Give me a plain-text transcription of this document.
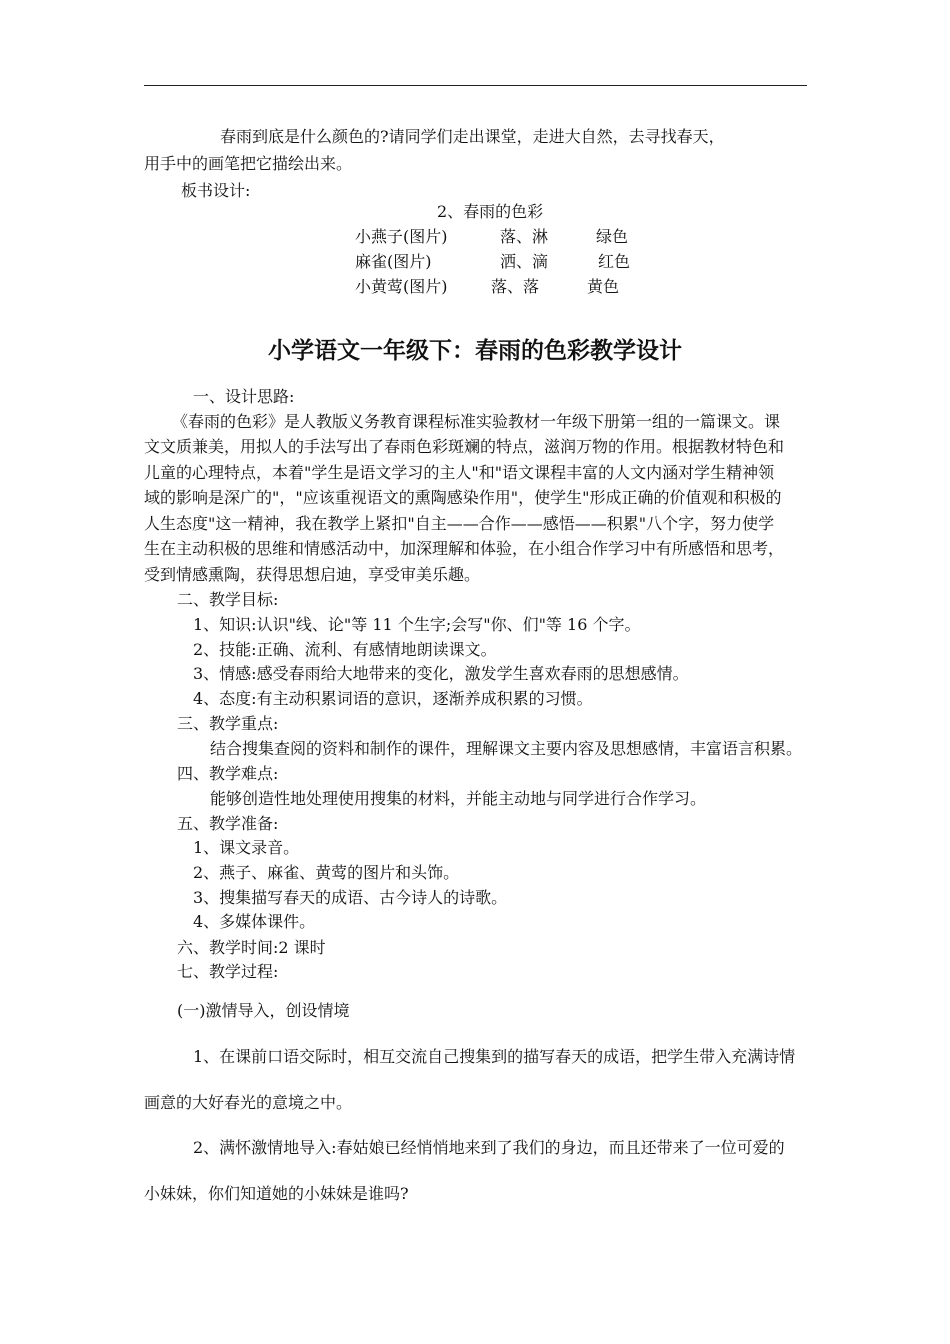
春雨到底是什么颜色的?请同学们走出课堂，走进大自然，去寻找春天，
用手中的画笔把它描绘出来。
板书设计:
2、春雨的色彩
小燕子(图片)	落、淋	绿色
麻雀(图片)	洒、滴	红色
小黄莺(图片)	落、落	黄色
小学语文一年级下：春雨的色彩教学设计
一、设计思路:
《春雨的色彩》是人教版义务教育课程标准实验教材一年级下册第一组的一篇课文。课
文文质兼美，用拟人的手法写出了春雨色彩斑斓的特点，滋润万物的作用。根据教材特色和
儿童的心理特点，本着"学生是语文学习的主人"和"语文课程丰富的人文内涵对学生精神领
域的影响是深广的"，"应该重视语文的熏陶感染作用"，使学生"形成正确的价值观和积极的
人生态度"这一精神，我在教学上紧扣"自主——合作——感悟——积累"八个字，努力使学
生在主动积极的思维和情感活动中，加深理解和体验，在小组合作学习中有所感悟和思考，
受到情感熏陶，获得思想启迪，享受审美乐趣。
二、教学目标:
1、知识:认识"线、论"等 11 个生字;会写"你、们"等 16 个字。
2、技能:正确、流利、有感情地朗读课文。
3、情感:感受春雨给大地带来的变化，激发学生喜欢春雨的思想感情。
4、态度:有主动积累词语的意识，逐渐养成积累的习惯。
三、教学重点:
结合搜集查阅的资料和制作的课件，理解课文主要内容及思想感情，丰富语言积累。
四、教学难点:
能够创造性地处理使用搜集的材料，并能主动地与同学进行合作学习。
五、教学准备:
1、课文录音。
2、燕子、麻雀、黄莺的图片和头饰。
3、搜集描写春天的成语、古今诗人的诗歌。
4、多媒体课件。
六、教学时间:2 课时
七、教学过程:
(一)激情导入，创设情境
1、在课前口语交际时，相互交流自己搜集到的描写春天的成语，把学生带入充满诗情
画意的大好春光的意境之中。
2、满怀激情地导入:春姑娘已经悄悄地来到了我们的身边，而且还带来了一位可爱的
小妹妹，你们知道她的小妹妹是谁吗?
